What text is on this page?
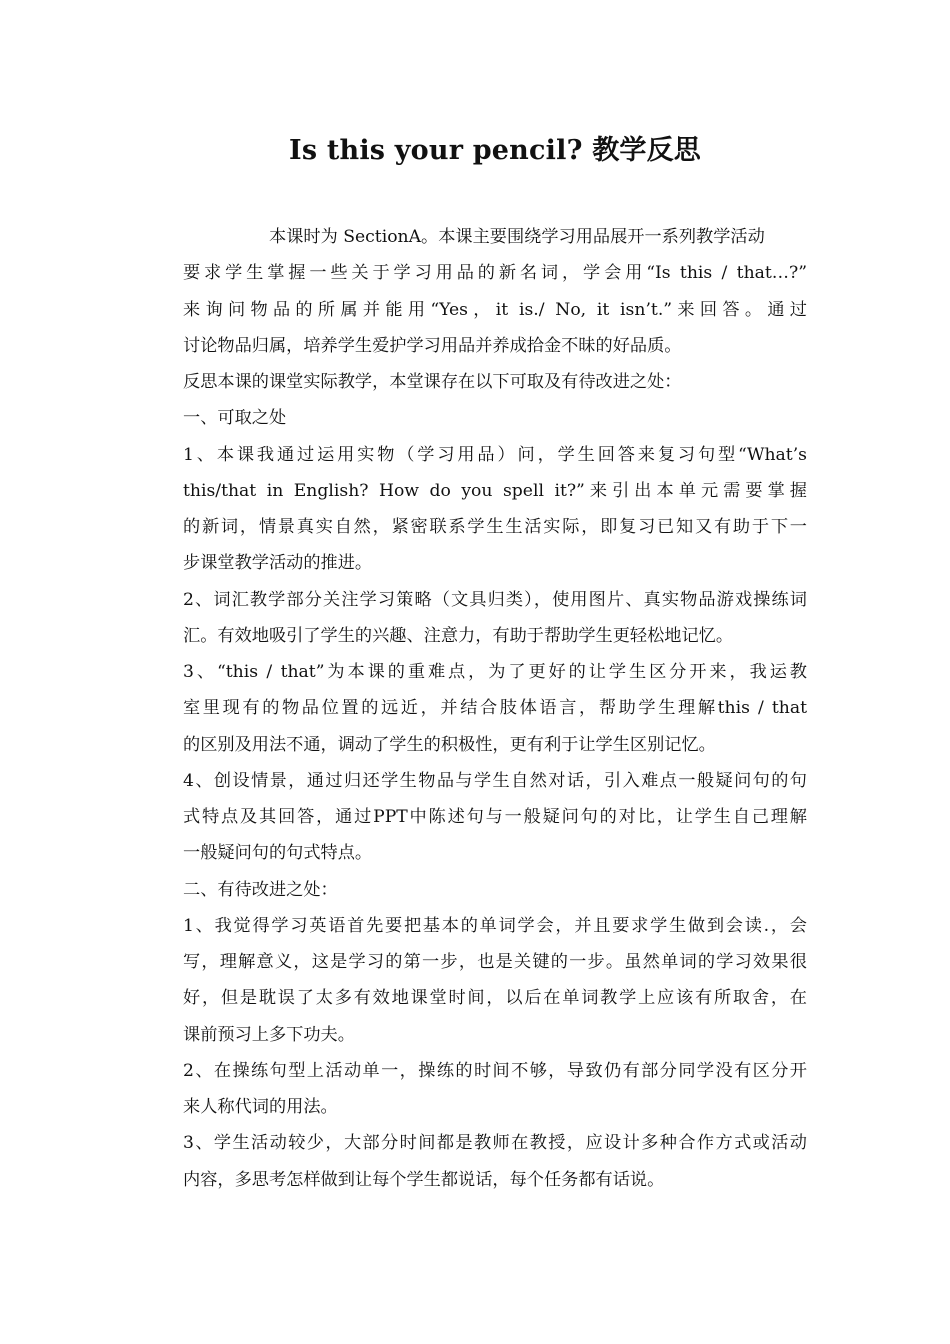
Is this your pencil? 教学反思
本课时为 SectionA。本课主要围绕学习用品展开一系列教学活动
要求学生掌握一些关于学习用品的新名词，学会用“Is this / that…?”
来询问物品的所属并能用“Yes，it is./ No, it isn’t.”来回答。通过
讨论物品归属，培养学生爱护学习用品并养成拾金不昧的好品质。
反思本课的课堂实际教学，本堂课存在以下可取及有待改进之处：
一、可取之处
1、本课我通过运用实物（学习用品）问，学生回答来复习句型“What’s
this/that in English? How do you spell it?”来引出本单元需要掌握
的新词，情景真实自然，紧密联系学生生活实际，即复习已知又有助于下一
步课堂教学活动的推进。
2、词汇教学部分关注学习策略（文具归类），使用图片、真实物品游戏操练词
汇。有效地吸引了学生的兴趣、注意力，有助于帮助学生更轻松地记忆。
3、“this / that”为本课的重难点，为了更好的让学生区分开来，我运教
室里现有的物品位置的远近，并结合肢体语言，帮助学生理解this / that
的区别及用法不通，调动了学生的积极性，更有利于让学生区别记忆。
4、创设情景，通过归还学生物品与学生自然对话，引入难点一般疑问句的句
式特点及其回答，通过PPT中陈述句与一般疑问句的对比，让学生自己理解
一般疑问句的句式特点。
二、有待改进之处：
1、我觉得学习英语首先要把基本的单词学会，并且要求学生做到会读.，会
写，理解意义，这是学习的第一步，也是关键的一步。虽然单词的学习效果很
好，但是耽误了太多有效地课堂时间，以后在单词教学上应该有所取舍，在
课前预习上多下功夫。
2、在操练句型上活动单一，操练的时间不够，导致仍有部分同学没有区分开
来人称代词的用法。
3、学生活动较少，大部分时间都是教师在教授，应设计多种合作方式或活动
内容，多思考怎样做到让每个学生都说话，每个任务都有话说。
